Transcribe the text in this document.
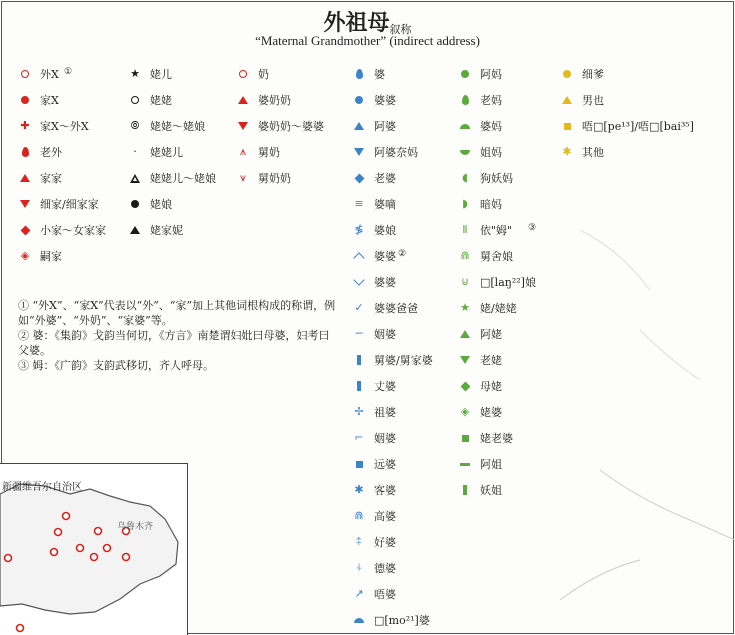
外祖母叙称
“Maternal Grandmother” (indirect address)
外X ①
家X
✚ 家X～外X
老外
家家
细家/细家家
小家～女家家
◈ 嗣家
★ 姥儿
姥姥
⦾ 姥姥～姥娘
· 姥姥儿
姥姥儿～姥娘
姥娘
姥家妮
奶
婆奶奶
婆奶奶～婆婆
⩚ 舅奶
⩛ 舅奶奶
婆
婆婆
阿婆
阿婆奈妈
老婆
≡ 婆嘀
≸ 婆娘
婆婆 ②
婆婆
✓ 婆婆爸爸
─ 姻婆
舅婆/舅家婆
丈婆
✢ 祖婆
⌐ 姻婆
远婆
✱ 客婆
⋒ 高婆
⍏ 好婆
⍭ 德婆
↗ 唔婆
□[mo²¹]婆
阿妈
老妈
婆妈
姐妈
◖ 狗妖妈
◗ 暗妈
Ⅱ 依"姆" ③
⋒ 舅舍娘
⊍ □[laŋ²²]娘
★ 姥/姥姥
阿姥
老姥
母姥
◈ 姥婆
姥老婆
阿姐
妖姐
细爹
男也
唔□[pe¹³]/唔□[bai³⁵]
✱ 其他

① “外X”、“家X”代表以“外”、“家”加上其他词根构成的称谓，例如“外婆”、“外奶”、“家婆”等。

② 婆：《集韵》戈韵当何切，《方言》南楚谓妇妣曰母婆，妇考曰父婆。

③ 姆：《广韵》支韵武移切，齐人呼母。

新疆维吾尔自治区
乌鲁木齐
